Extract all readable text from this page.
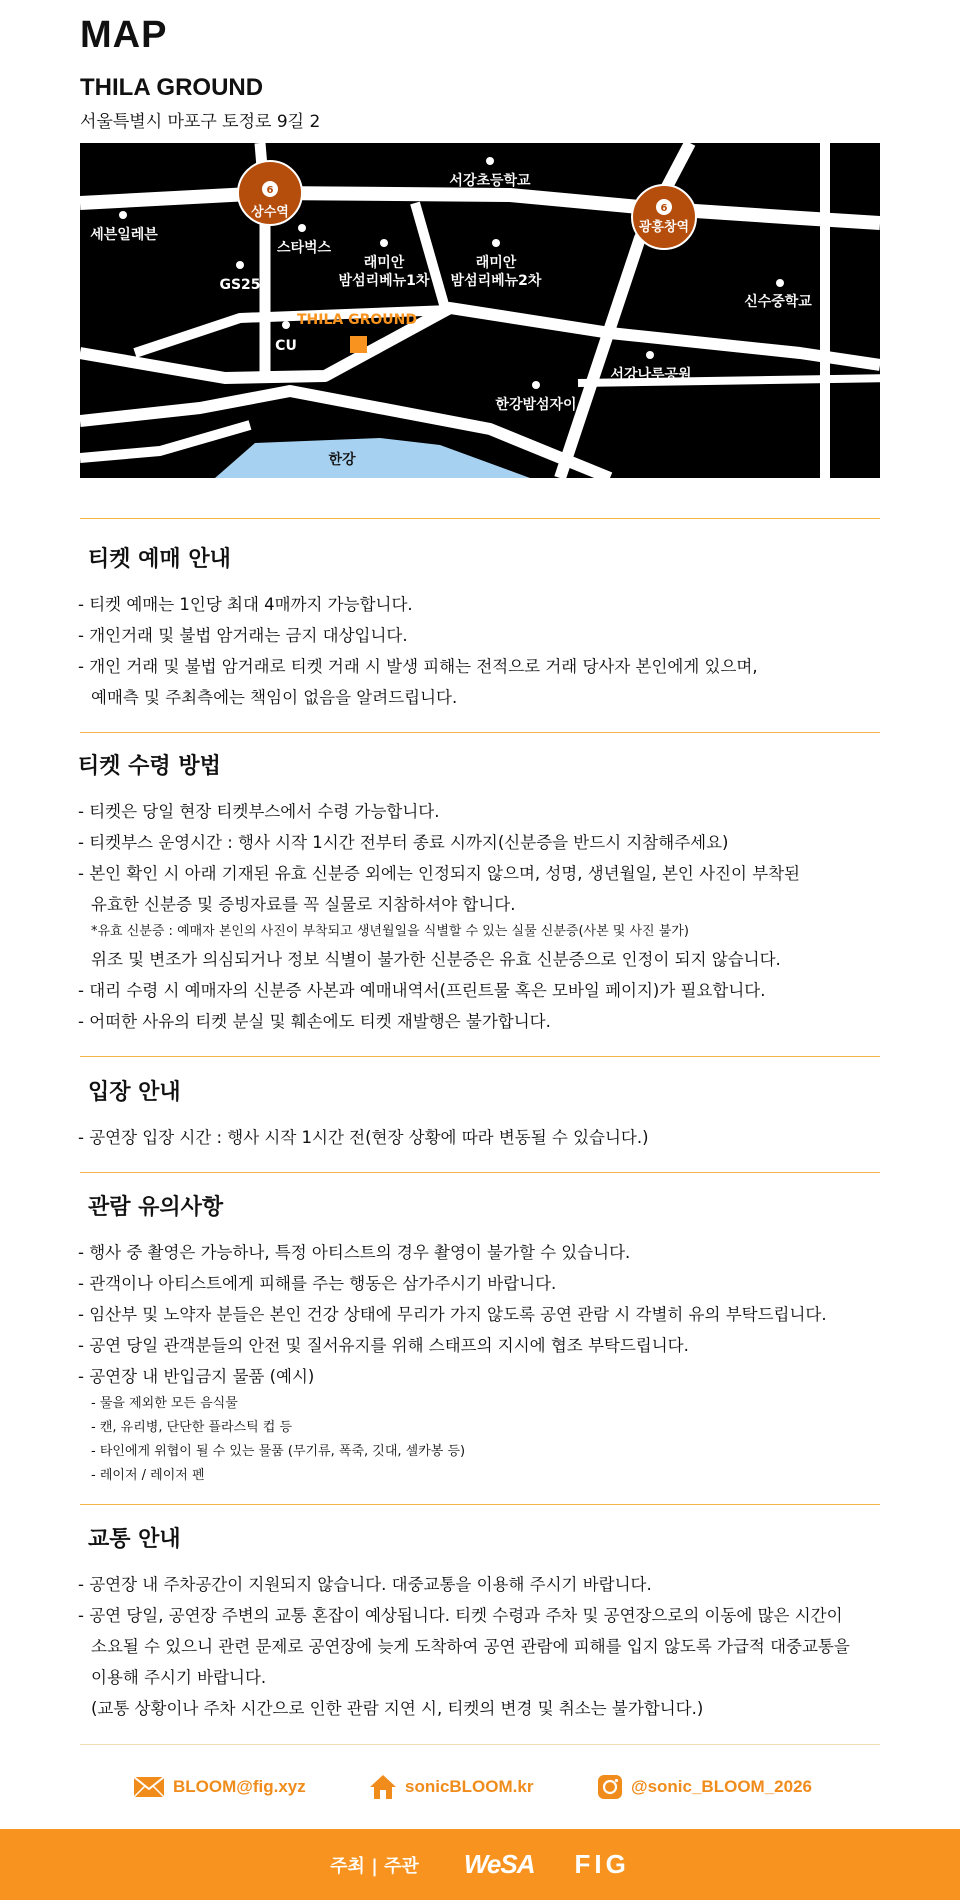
MAP
THILA GROUND
서울특별시 마포구 토정로 9길 2
6
상수역	6
광흥창역
서강초등학교
세븐일레븐
스타벅스
GS25
래미안
밤섬리베뉴1차
래미안
밤섬리베뉴2차
신수중학교
CU
서강나루공원
한강밤섬자이
한강
THILA GROUND
티켓 예매 안내
- 티켓 예매는 1인당 최대 4매까지 가능합니다.
- 개인거래 및 불법 암거래는 금지 대상입니다.
- 개인 거래 및 불법 암거래로 티켓 거래 시 발생 피해는 전적으로 거래 당사자 본인에게 있으며,
예매측 및 주최측에는 책임이 없음을 알려드립니다.
티켓 수령 방법
- 티켓은 당일 현장 티켓부스에서 수령 가능합니다.
- 티켓부스 운영시간 : 행사 시작 1시간 전부터 종료 시까지(신분증을 반드시 지참해주세요)
- 본인 확인 시 아래 기재된 유효 신분증 외에는 인정되지 않으며, 성명, 생년월일, 본인 사진이 부착된
유효한 신분증 및 증빙자료를 꼭 실물로 지참하셔야 합니다.
*유효 신분증 : 예매자 본인의 사진이 부착되고 생년월일을 식별할 수 있는 실물 신분증(사본 및 사진 불가)
위조 및 변조가 의심되거나 정보 식별이 불가한 신분증은 유효 신분증으로 인정이 되지 않습니다.
- 대리 수령 시 예매자의 신분증 사본과 예매내역서(프린트물 혹은 모바일 페이지)가 필요합니다.
- 어떠한 사유의 티켓 분실 및 훼손에도 티켓 재발행은 불가합니다.
입장 안내
- 공연장 입장 시간 : 행사 시작 1시간 전(현장 상황에 따라 변동될 수 있습니다.)
관람 유의사항
- 행사 중 촬영은 가능하나, 특정 아티스트의 경우 촬영이 불가할 수 있습니다.
- 관객이나 아티스트에게 피해를 주는 행동은 삼가주시기 바랍니다.
- 임산부 및 노약자 분들은 본인 건강 상태에 무리가 가지 않도록 공연 관람 시 각별히 유의 부탁드립니다.
- 공연 당일 관객분들의 안전 및 질서유지를 위해 스태프의 지시에 협조 부탁드립니다.
- 공연장 내 반입금지 물품 (예시)
- 물을 제외한 모든 음식물
- 캔, 유리병, 단단한 플라스틱 컵 등
- 타인에게 위협이 될 수 있는 물품 (무기류, 폭죽, 깃대, 셀카봉 등)
- 레이저 / 레이저 펜
교통 안내
- 공연장 내 주차공간이 지원되지 않습니다. 대중교통을 이용해 주시기 바랍니다.
- 공연 당일, 공연장 주변의 교통 혼잡이 예상됩니다. 티켓 수령과 주차 및 공연장으로의 이동에 많은 시간이
소요될 수 있으니 관련 문제로 공연장에 늦게 도착하여 공연 관람에 피해를 입지 않도록 가급적 대중교통을
이용해 주시기 바랍니다.
(교통 상황이나 주차 시간으로 인한 관람 지연 시, 티켓의 변경 및 취소는 불가합니다.)
BLOOM@fig.xyz	sonicBLOOM.kr	@sonic_BLOOM_2026
주최 | 주관 WeSA FIG
